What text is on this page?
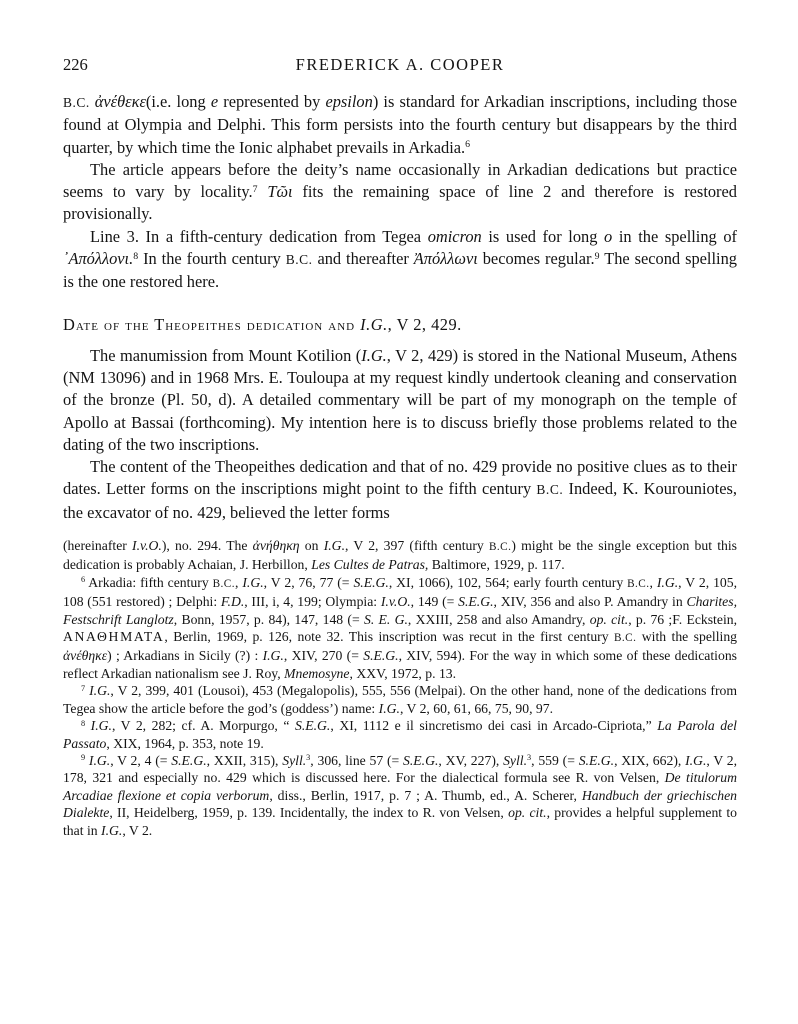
226	FREDERICK A. COOPER

B.C. ἀνέθεκε(i.e. long e represented by epsilon) is standard for Arkadian inscriptions, including those found at Olympia and Delphi. This form persists into the fourth century but disappears by the third quarter, by which time the Ionic alphabet prevails in Arkadia.$^6$

The article appears before the deity’s name occasionally in Arkadian dedications but practice seems to vary by locality.$^7$ Τῶι fits the remaining space of line 2 and therefore is restored provisionally.

Line 3. In a fifth-century dedication from Tegea omicron is used for long o in the spelling of ᾿Απόλλονι.$^8$ In the fourth century B.C. and thereafter Ἀπόλλωνι becomes regular.$^9$ The second spelling is the one restored here.

Date of the Theopeithes dedication and I.G., V 2, 429.

The manumission from Mount Kotilion (I.G., V 2, 429) is stored in the National Museum, Athens (NM 13096) and in 1968 Mrs. E. Touloupa at my request kindly undertook cleaning and conservation of the bronze (Pl. 50, d). A detailed commentary will be part of my monograph on the temple of Apollo at Bassai (forthcoming). My intention here is to discuss briefly those problems related to the dating of the two inscriptions.

The content of the Theopeithes dedication and that of no. 429 provide no positive clues as to their dates. Letter forms on the inscriptions might point to the fifth century B.C. Indeed, K. Kourouniotes, the excavator of no. 429, believed the letter forms

(hereinafter I.v.O.), no. 294. The ἀνήθηκη on I.G., V 2, 397 (fifth century B.C.) might be the single exception but this dedication is probably Achaian, J. Herbillon, Les Cultes de Patras, Baltimore, 1929, p. 117.

$^6$ Arkadia: fifth century B.C., I.G., V 2, 76, 77 (= S.E.G., XI, 1066), 102, 564; early fourth century B.C., I.G., V 2, 105, 108 (551 restored) ; Delphi: F.D., III, i, 4, 199; Olympia: I.v.O., 149 (= S.E.G., XIV, 356 and also P. Amandry in Charites, Festschrift Langlotz, Bonn, 1957, p. 84), 147, 148 (= S. E. G., XXIII, 258 and also Amandry, op. cit., p. 76 ;F. Eckstein, ΑΝΑΘΗΜΑΤΑ, Berlin, 1969, p. 126, note 32. This inscription was recut in the first century B.C. with the spelling ἀνέθηκε) ; Arkadians in Sicily (?) : I.G., XIV, 270 (= S.E.G., XIV, 594). For the way in which some of these dedications reflect Arkadian nationalism see J. Roy, Mnemosyne, XXV, 1972, p. 13.

$^7$ I.G., V 2, 399, 401 (Lousoi), 453 (Megalopolis), 555, 556 (Melpai). On the other hand, none of the dedications from Tegea show the article before the god’s (goddess’) name: I.G., V 2, 60, 61, 66, 75, 90, 97.

$^8$ I.G., V 2, 282; cf. A. Morpurgo, “ S.E.G., XI, 1112 e il sincretismo dei casi in Arcado-Cipriota,” La Parola del Passato, XIX, 1964, p. 353, note 19.

$^9$ I.G., V 2, 4 (= S.E.G., XXII, 315), Syll.$^3$, 306, line 57 (= S.E.G., XV, 227), Syll.$^3$, 559 (= S.E.G., XIX, 662), I.G., V 2, 178, 321 and especially no. 429 which is discussed here. For the dialectical formula see R. von Velsen, De titulorum Arcadiae flexione et copia verborum, diss., Berlin, 1917, p. 7 ; A. Thumb, ed., A. Scherer, Handbuch der griechischen Dialekte, II, Heidelberg, 1959, p. 139. Incidentally, the index to R. von Velsen, op. cit., provides a helpful supplement to that in I.G., V 2.
